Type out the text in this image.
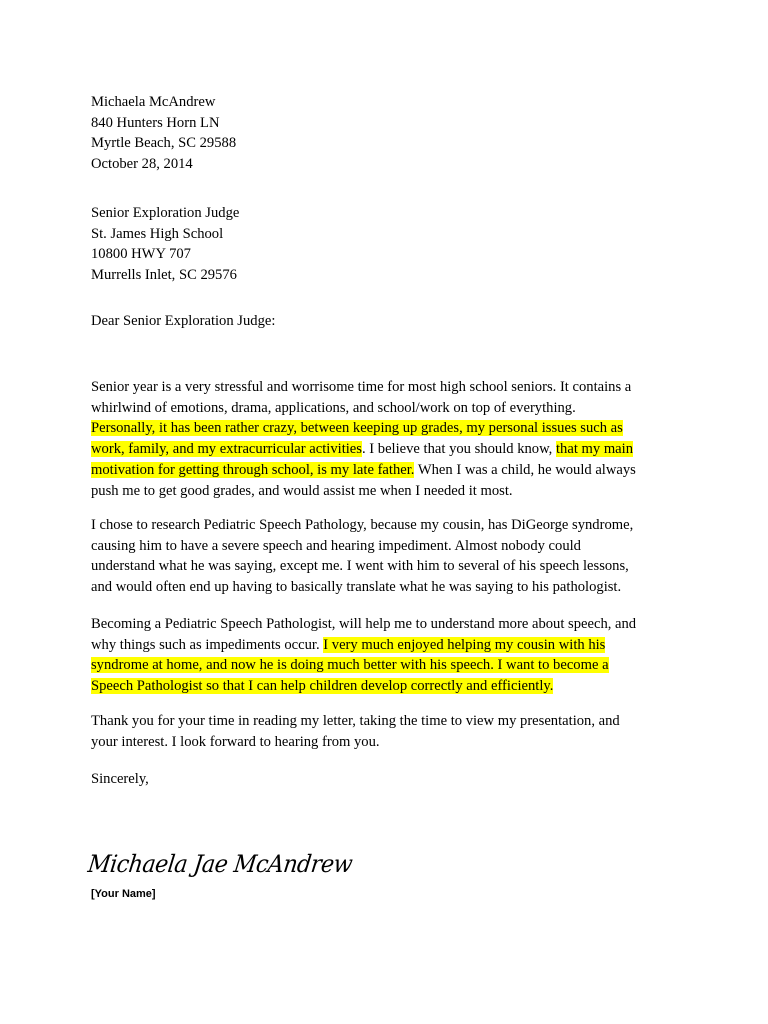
Michaela McAndrew
840 Hunters Horn LN
Myrtle Beach, SC 29588
October 28, 2014
Senior Exploration Judge
St. James High School
10800 HWY 707
Murrells Inlet, SC 29576
Dear Senior Exploration Judge:
Senior year is a very stressful and worrisome time for most high school seniors. It contains a
whirlwind of emotions, drama, applications, and school/work on top of everything.
Personally, it has been rather crazy, between keeping up grades, my personal issues such as
work, family, and my extracurricular activities. I believe that you should know, that my main
motivation for getting through school, is my late father. When I was a child, he would always
push me to get good grades, and would assist me when I needed it most.
I chose to research Pediatric Speech Pathology, because my cousin, has DiGeorge syndrome,
causing him to have a severe speech and hearing impediment. Almost nobody could
understand what he was saying, except me. I went with him to several of his speech lessons,
and would often end up having to basically translate what he was saying to his pathologist.
Becoming a Pediatric Speech Pathologist, will help me to understand more about speech, and
why things such as impediments occur. I very much enjoyed helping my cousin with his
syndrome at home, and now he is doing much better with his speech. I want to become a
Speech Pathologist so that I can help children develop correctly and efficiently.
Thank you for your time in reading my letter, taking the time to view my presentation, and
your interest. I look forward to hearing from you.
Sincerely,
Michaela Jae McAndrew
[Your Name]
